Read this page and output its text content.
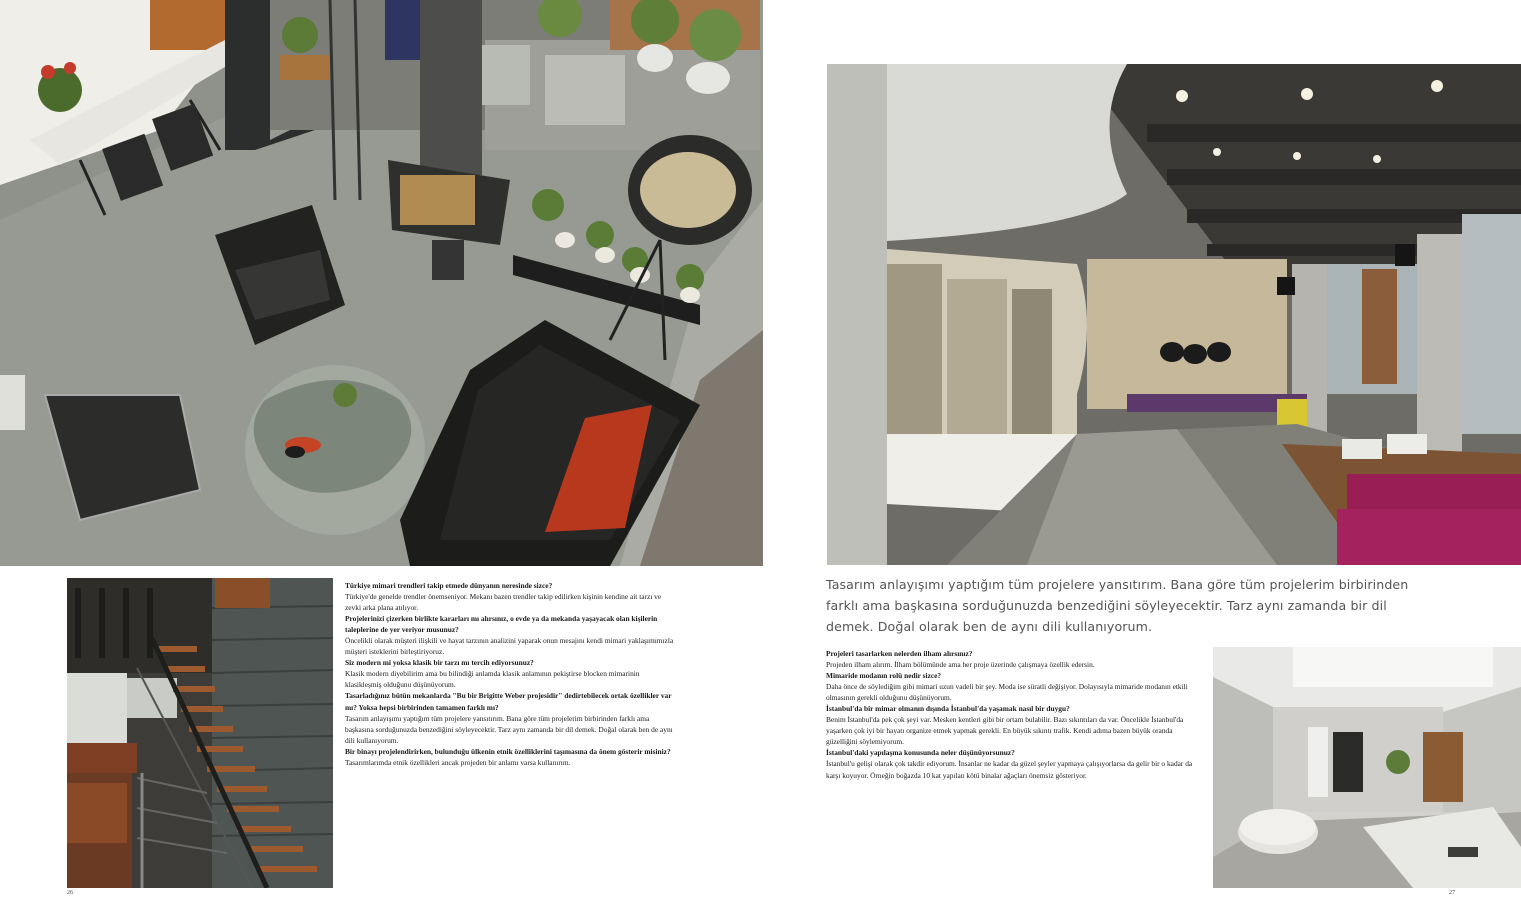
Türkiye mimari trendleri takip etmede dünyanın neresinde sizce?

Türkiye'de genelde trendler önemseniyor. Mekanı bazen trendler takip edilirken kişinin kendine ait tarzı ve zevki arka plana atılıyor.

Projelerinizi çizerken birlikte kararları mı alırsınız, o evde ya da mekanda yaşayacak olan kişilerin taleplerine de yer veriyor musunuz?

Öncelikli olarak müşteri ilişkili ve hayat tarzının analizini yaparak onun mesajını kendi mimari yaklaşımımızla müşteri isteklerini birleştiriyoruz.

Siz modern mi yoksa klasik bir tarzı mı tercih ediyorsunuz?

Klasik modern diyebilirim ama bu bilindiği anlamda klasik anlamının pekiştirse blocken mimarinin klasikleşmiş olduğunu düşünüyorum.

Tasarladığınız bütün mekanlarda "Bu bir Brigitte Weber projesidir" dedirtebilecek ortak özellikler var mı? Yoksa hepsi birbirinden tamamen farklı mı?

Tasarım anlayışımı yaptığım tüm projelere yansıtırım. Bana göre tüm projelerim birbirinden farklı ama başkasına sorduğunuzda benzediğini söyleyecektir. Tarz aynı zamanda bir dil demek. Doğal olarak ben de aynı dili kullanıyorum.

Bir binayı projelendirirken, bulunduğu ülkenin etnik özelliklerini taşımasına da önem gösterir misiniz?

Tasarımlarımda etnik özellikleri ancak projeden bir anlamı varsa kullanırım.

26
Tasarım anlayışımı yaptığım tüm projelere yansıtırım. Bana göre tüm projelerim birbirinden farklı ama başkasına sorduğunuzda benzediğini söyleyecektir. Tarz aynı zamanda bir dil demek. Doğal olarak ben de aynı dili kullanıyorum.

Projeleri tasarlarken nelerden ilham alırsınız?

Projeden ilham alırım. İlham bölümünde ama her proje üzerinde çalışmaya özellik edersin.

Mimaride modanın rolü nedir sizce?

Daha önce de söylediğim gibi mimari uzun vadeli bir şey. Moda ise süratli değişiyor. Dolayısıyla mimaride modanın etkili olmasının gerekli olduğunu düşünüyorum.

İstanbul'da bir mimar olmanın dışında İstanbul'da yaşamak nasıl bir duygu?

Benim İstanbul'da pek çok şeyi var. Mesken kentleri gibi bir ortam bulabilir. Bazı sıkıntıları da var. Öncelikle İstanbul'da yaşarken çok iyi bir hayatı organize etmek yapmak gerekli. En büyük sıkıntı trafik. Kendi adıma bazen büyük oranda güzelliğini söylemiyorum.

İstanbul'daki yapılaşma konusunda neler düşünüyorsunuz?

İstanbul'u gelişi olarak çok takdir ediyorum. İnsanlar ne kadar da güzel şeyler yapmaya çalışıyorlarsa da gelir bir o kadar da karşı koyuyor. Örneğin boğazda 10 kat yapılan kötü binalar ağaçları önemsiz gösteriyor.

27
